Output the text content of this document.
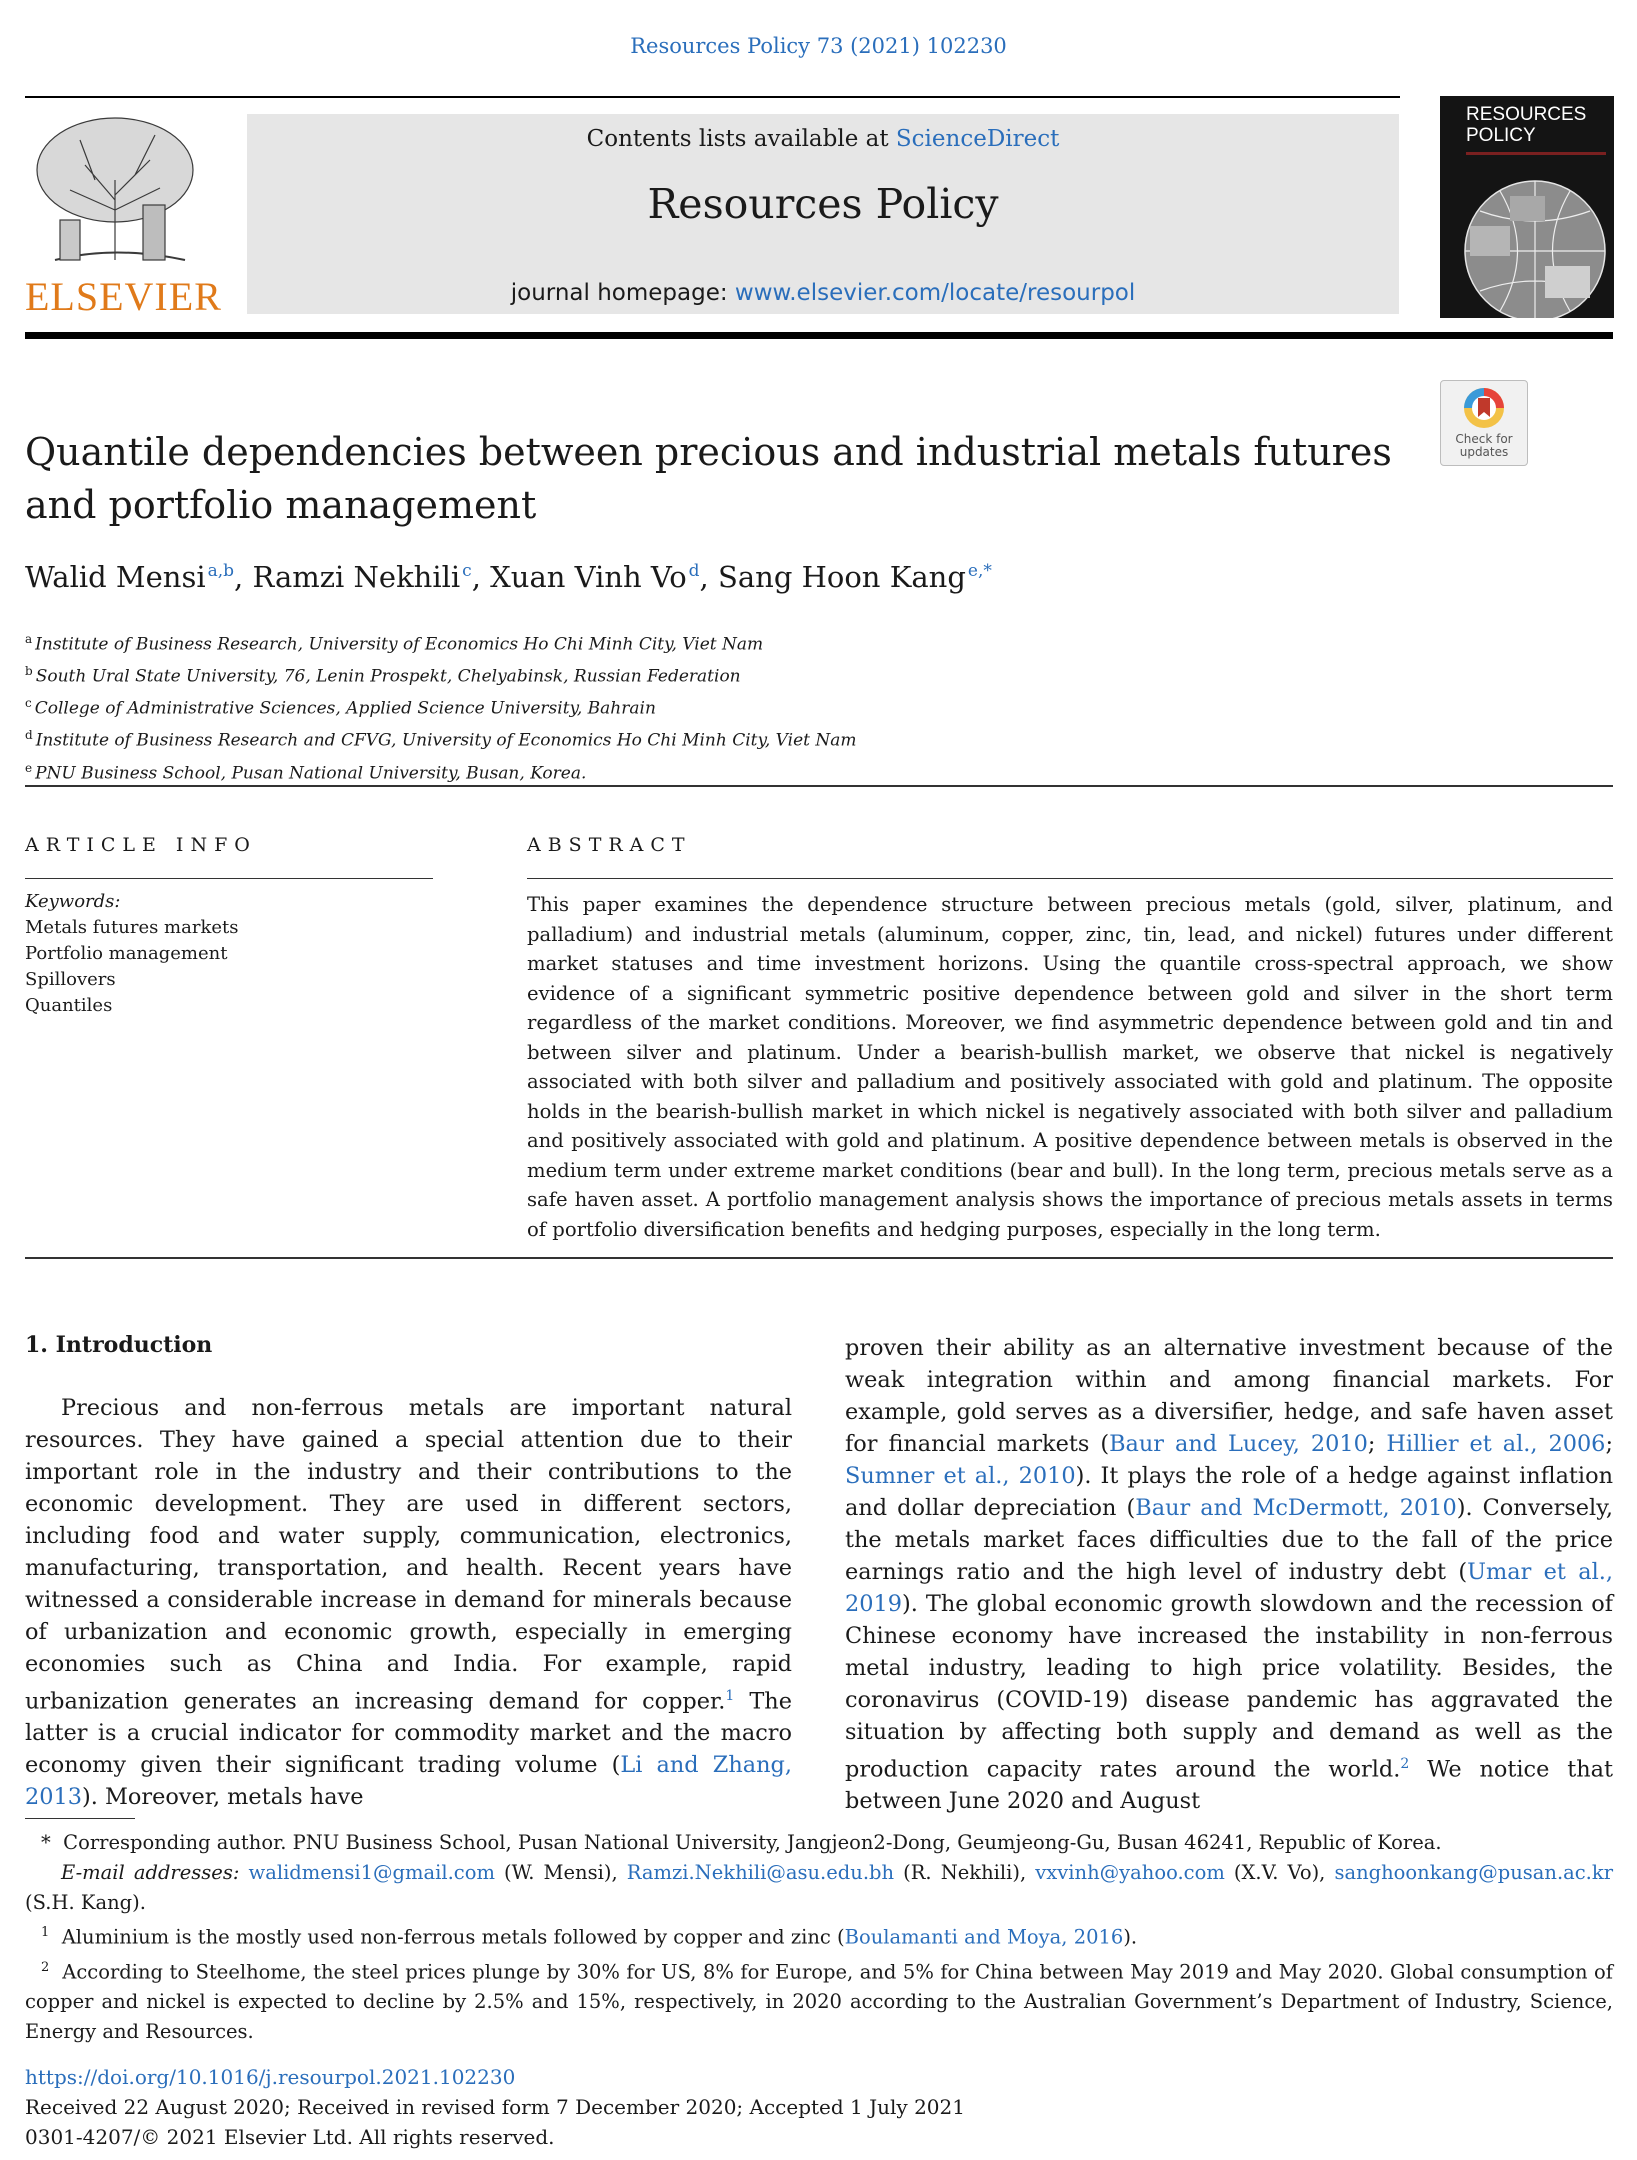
Resources Policy 73 (2021) 102230
ELSEVIER
Contents lists available at ScienceDirect
Resources Policy
journal homepage: www.elsevier.com/locate/resourpol
RESOURCES
POLICY
Check for
updates
Quantile dependencies between precious and industrial metals futures and portfolio management
Walid Mensi $^{a,b}$, Ramzi Nekhili $^c$, Xuan Vinh Vo $^d$, Sang Hoon Kang $^{e,*}$
$^a$ Institute of Business Research, University of Economics Ho Chi Minh City, Viet Nam
$^b$ South Ural State University, 76, Lenin Prospekt, Chelyabinsk, Russian Federation
$^c$ College of Administrative Sciences, Applied Science University, Bahrain
$^d$ Institute of Business Research and CFVG, University of Economics Ho Chi Minh City, Viet Nam
$^e$ PNU Business School, Pusan National University, Busan, Korea.
ARTICLE INFO
Keywords:
Metals futures markets
Portfolio management
Spillovers
Quantiles
ABSTRACT

This paper examines the dependence structure between precious metals (gold, silver, platinum, and palladium) and industrial metals (aluminum, copper, zinc, tin, lead, and nickel) futures under different market statuses and time investment horizons. Using the quantile cross-spectral approach, we show evidence of a significant symmetric positive dependence between gold and silver in the short term regardless of the market conditions. Moreover, we find asymmetric dependence between gold and tin and between silver and platinum. Under a bearish-bullish market, we observe that nickel is negatively associated with both silver and palladium and positively associated with gold and platinum. The opposite holds in the bearish-bullish market in which nickel is negatively associated with both silver and palladium and positively associated with gold and platinum. A positive dependence between metals is observed in the medium term under extreme market conditions (bear and bull). In the long term, precious metals serve as a safe haven asset. A portfolio management analysis shows the importance of precious metals assets in terms of portfolio diversification benefits and hedging purposes, especially in the long term.

1. Introduction

Precious and non-ferrous metals are important natural resources. They have gained a special attention due to their important role in the industry and their contributions to the economic development. They are used in different sectors, including food and water supply, communication, electronics, manufacturing, transportation, and health. Recent years have witnessed a considerable increase in demand for minerals because of urbanization and economic growth, especially in emerging economies such as China and India. For example, rapid urbanization generates an increasing demand for copper.$^1$ The latter is a crucial indicator for commodity market and the macro economy given their significant trading volume (Li and Zhang, 2013). Moreover, metals have

proven their ability as an alternative investment because of the weak integration within and among financial markets. For example, gold serves as a diversifier, hedge, and safe haven asset for financial markets (Baur and Lucey, 2010; Hillier et al., 2006; Sumner et al., 2010). It plays the role of a hedge against inflation and dollar depreciation (Baur and McDermott, 2010). Conversely, the metals market faces difficulties due to the fall of the price earnings ratio and the high level of industry debt (Umar et al., 2019). The global economic growth slowdown and the recession of Chinese economy have increased the instability in non-ferrous metal industry, leading to high price volatility. Besides, the coronavirus (COVID-19) disease pandemic has aggravated the situation by affecting both supply and demand as well as the production capacity rates around the world.$^2$ We notice that between June 2020 and August

* Corresponding author. PNU Business School, Pusan National University, Jangjeon2-Dong, Geumjeong-Gu, Busan 46241, Republic of Korea.

E-mail addresses: walidmensi1@gmail.com (W. Mensi), Ramzi.Nekhili@asu.edu.bh (R. Nekhili), vxvinh@yahoo.com (X.V. Vo), sanghoonkang@pusan.ac.kr (S.H. Kang).

$^1$ Aluminium is the mostly used non-ferrous metals followed by copper and zinc (Boulamanti and Moya, 2016).

$^2$ According to Steelhome, the steel prices plunge by 30% for US, 8% for Europe, and 5% for China between May 2019 and May 2020. Global consumption of copper and nickel is expected to decline by 2.5% and 15%, respectively, in 2020 according to the Australian Government’s Department of Industry, Science, Energy and Resources.

https://doi.org/10.1016/j.resourpol.2021.102230
Received 22 August 2020; Received in revised form 7 December 2020; Accepted 1 July 2021
0301-4207/© 2021 Elsevier Ltd. All rights reserved.
